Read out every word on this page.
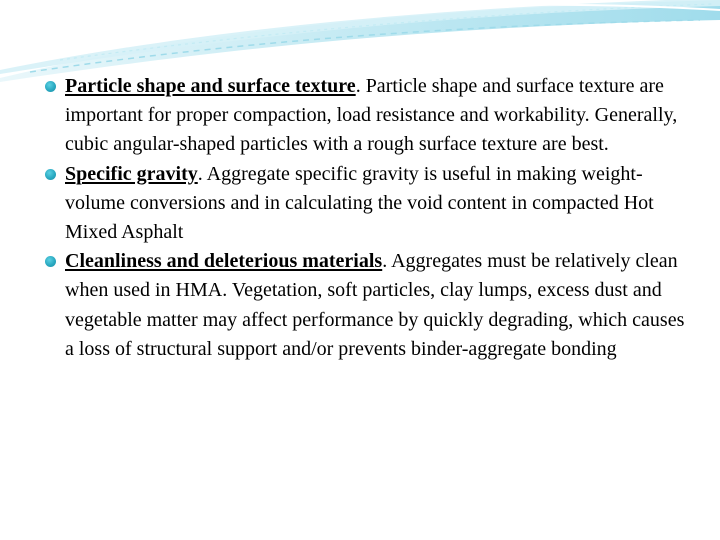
Particle shape and surface texture. Particle shape and surface texture are important for proper compaction, load resistance and workability. Generally, cubic angular-shaped particles with a rough surface texture are best.
Specific gravity. Aggregate specific gravity is useful in making weight-volume conversions and in calculating the void content in compacted Hot Mixed Asphalt
Cleanliness and deleterious materials. Aggregates must be relatively clean when used in HMA. Vegetation, soft particles, clay lumps, excess dust and vegetable matter may affect performance by quickly degrading, which causes a loss of structural support and/or prevents binder-aggregate bonding
